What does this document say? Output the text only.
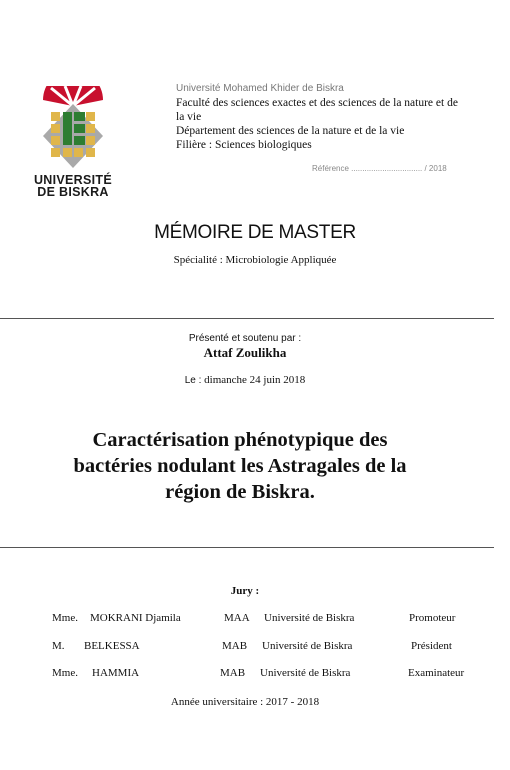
UNIVERSITÉ
DE BISKRA
Université Mohamed Khider de Biskra
Faculté des sciences exactes et des sciences de la nature et de
la vie
Département des sciences de la nature et de la vie
Filière : Sciences biologiques
Référence ................................ / 2018
MÉMOIRE DE MASTER
Spécialité : Microbiologie Appliquée
Présenté et soutenu par :
Attaf Zoulikha
Le : dimanche 24 juin 2018
Caractérisation phénotypique des
bactéries nodulant les Astragales de la
région de Biskra.
Jury :
Mme. MOKRANI Djamila	MAA Université de Biskra	Promoteur
M. BELKESSA	MAB Université de Biskra	Président
Mme. HAMMIA	MAB Université de Biskra	Examinateur
Année universitaire : 2017 - 2018
